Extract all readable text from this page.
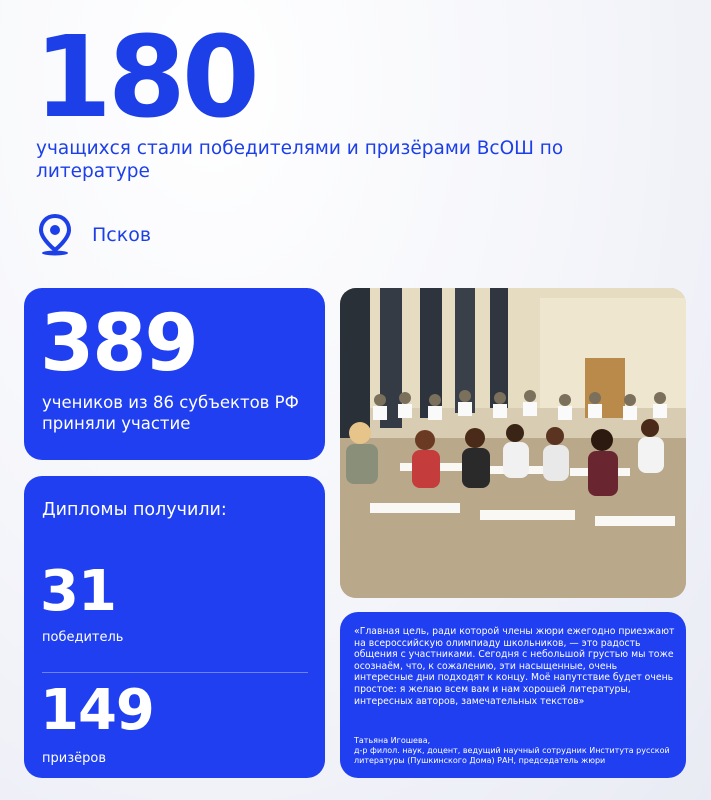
180
учащихся стали победителями и призёрами ВсОШ по литературе
Псков
389
учеников из 86 субъектов РФ приняли участие
Дипломы получили:
31
победитель
149
призёров
«Главная цель, ради которой члены жюри ежегодно приезжают на всероссийскую олимпиаду школьников, — это радость общения с участниками. Сегодня с небольшой грустью мы тоже осознаём, что, к сожалению, эти насыщенные, очень интересные дни подходят к концу. Моё напутствие будет очень простое: я желаю всем вам и нам хорошей литературы, интересных авторов, замечательных текстов»
Татьяна Игошева,
д-р филол. наук, доцент, ведущий научный сотрудник Института русской литературы (Пушкинского Дома) РАН, председатель жюри
